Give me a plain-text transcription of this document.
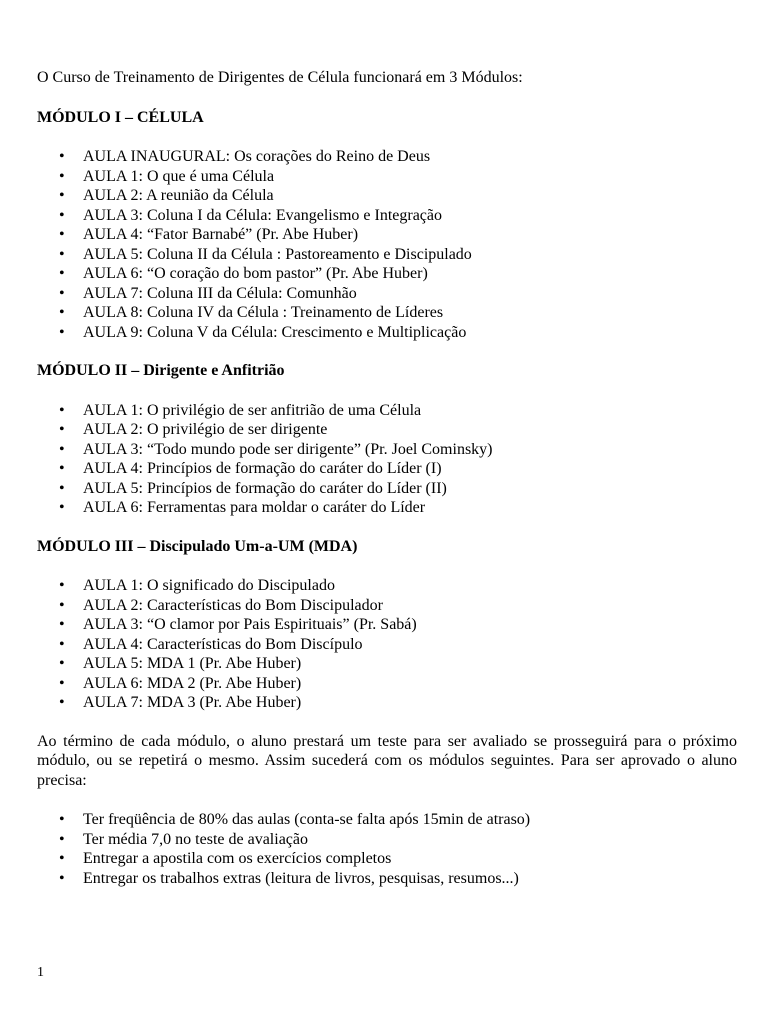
O Curso de Treinamento de Dirigentes de Célula funcionará em 3 Módulos:

MÓDULO I – CÉLULA

• AULA INAUGURAL: Os corações do Reino de Deus
• AULA 1: O que é uma Célula
• AULA 2: A reunião da Célula
• AULA 3: Coluna I da Célula: Evangelismo e Integração
• AULA 4: “Fator Barnabé” (Pr. Abe Huber)
• AULA 5: Coluna II da Célula : Pastoreamento e Discipulado
• AULA 6: “O coração do bom pastor” (Pr. Abe Huber)
• AULA 7: Coluna III da Célula: Comunhão
• AULA 8: Coluna IV da Célula : Treinamento de Líderes
• AULA 9: Coluna V da Célula: Crescimento e Multiplicação

MÓDULO II – Dirigente e Anfitrião

• AULA 1: O privilégio de ser anfitrião de uma Célula
• AULA 2: O privilégio de ser dirigente
• AULA 3: “Todo mundo pode ser dirigente” (Pr. Joel Cominsky)
• AULA 4: Princípios de formação do caráter do Líder (I)
• AULA 5: Princípios de formação do caráter do Líder (II)
• AULA 6: Ferramentas para moldar o caráter do Líder

MÓDULO III – Discipulado Um-a-UM (MDA)

• AULA 1: O significado do Discipulado
• AULA 2: Características do Bom Discipulador
• AULA 3: “O clamor por Pais Espirituais” (Pr. Sabá)
• AULA 4: Características do Bom Discípulo
• AULA 5: MDA 1 (Pr. Abe Huber)
• AULA 6: MDA 2 (Pr. Abe Huber)
• AULA 7: MDA 3 (Pr. Abe Huber)

Ao término de cada módulo, o aluno prestará um teste para ser avaliado se prosseguirá para o próximo módulo, ou se repetirá o mesmo. Assim sucederá com os módulos seguintes. Para ser aprovado o aluno precisa:

• Ter freqüência de 80% das aulas (conta-se falta após 15min de atraso)
• Ter média 7,0 no teste de avaliação
• Entregar a apostila com os exercícios completos
• Entregar os trabalhos extras (leitura de livros, pesquisas, resumos...)
1
